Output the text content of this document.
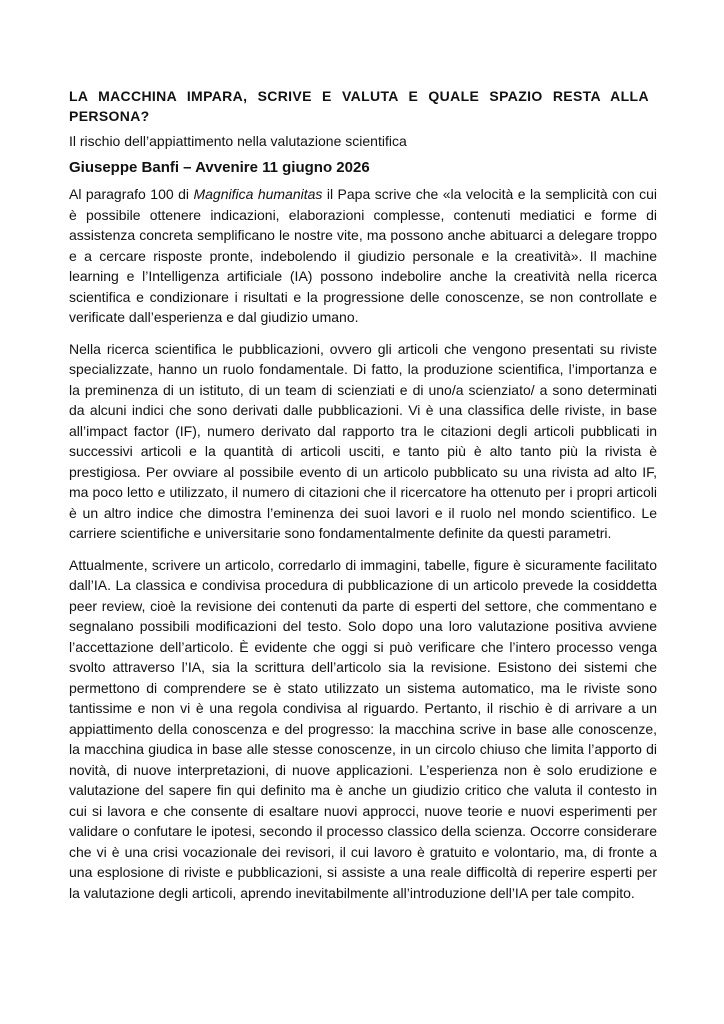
LA MACCHINA IMPARA, SCRIVE E VALUTA E QUALE SPAZIO RESTA ALLA PERSONA?

Il rischio dell’appiattimento nella valutazione scientifica

Giuseppe Banfi – Avvenire 11 giugno 2026

Al paragrafo 100 di Magnifica humanitas il Papa scrive che «la velocità e la semplicità con cui è possibile ottenere indicazioni, elaborazioni complesse, contenuti mediatici e forme di assistenza concreta semplificano le nostre vite, ma possono anche abituarci a delegare troppo e a cercare risposte pronte, indebolendo il giudizio personale e la creatività». Il machine learning e l’Intelligenza artificiale (IA) possono indebolire anche la creatività nella ricerca scientifica e condizionare i risultati e la progressione delle conoscenze, se non controllate e verificate dall’esperienza e dal giudizio umano.

Nella ricerca scientifica le pubblicazioni, ovvero gli articoli che vengono presentati su riviste specializzate, hanno un ruolo fondamentale. Di fatto, la produzione scientifica, l’importanza e la preminenza di un istituto, di un team di scienziati e di uno/a scienziato/ a sono determinati da alcuni indici che sono derivati dalle pubblicazioni. Vi è una classifica delle riviste, in base all’impact factor (IF), numero derivato dal rapporto tra le citazioni degli articoli pubblicati in successivi articoli e la quantità di articoli usciti, e tanto più è alto tanto più la rivista è prestigiosa. Per ovviare al possibile evento di un articolo pubblicato su una rivista ad alto IF, ma poco letto e utilizzato, il numero di citazioni che il ricercatore ha ottenuto per i propri articoli è un altro indice che dimostra l’eminenza dei suoi lavori e il ruolo nel mondo scientifico. Le carriere scientifiche e universitarie sono fondamentalmente definite da questi parametri.

Attualmente, scrivere un articolo, corredarlo di immagini, tabelle, figure è sicuramente facilitato dall’IA. La classica e condivisa procedura di pubblicazione di un articolo prevede la cosiddetta peer review, cioè la revisione dei contenuti da parte di esperti del settore, che commentano e segnalano possibili modificazioni del testo. Solo dopo una loro valutazione positiva avviene l’accettazione dell’articolo. È evidente che oggi si può verificare che l’intero processo venga svolto attraverso l’IA, sia la scrittura dell’articolo sia la revisione. Esistono dei sistemi che permettono di comprendere se è stato utilizzato un sistema automatico, ma le riviste sono tantissime e non vi è una regola condivisa al riguardo. Pertanto, il rischio è di arrivare a un appiattimento della conoscenza e del progresso: la macchina scrive in base alle conoscenze, la macchina giudica in base alle stesse conoscenze, in un circolo chiuso che limita l’apporto di novità, di nuove interpretazioni, di nuove applicazioni. L’esperienza non è solo erudizione e valutazione del sapere fin qui definito ma è anche un giudizio critico che valuta il contesto in cui si lavora e che consente di esaltare nuovi approcci, nuove teorie e nuovi esperimenti per validare o confutare le ipotesi, secondo il processo classico della scienza. Occorre considerare che vi è una crisi vocazionale dei revisori, il cui lavoro è gratuito e volontario, ma, di fronte a una esplosione di riviste e pubblicazioni, si assiste a una reale difficoltà di reperire esperti per la valutazione degli articoli, aprendo inevitabilmente all’introduzione dell’IA per tale compito.
